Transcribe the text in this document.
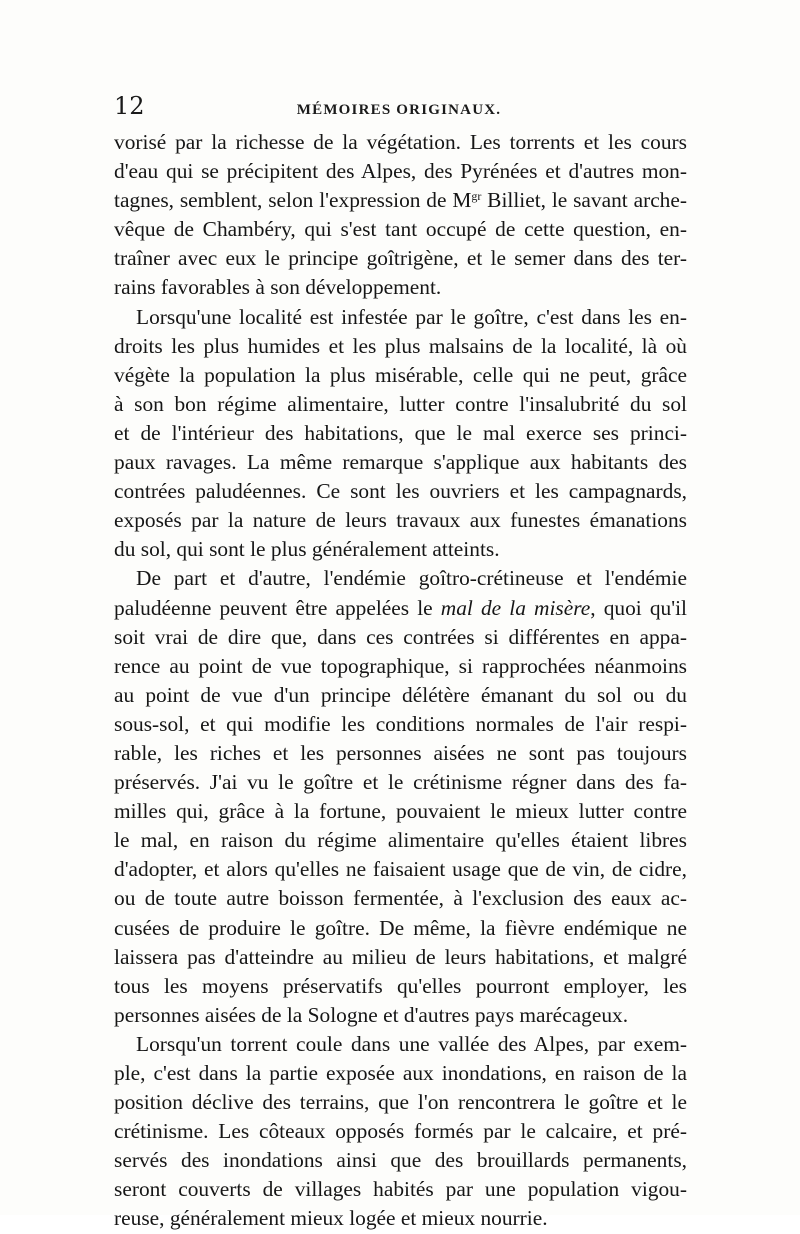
12	MÉMOIRES ORIGINAUX.
vorisé par la richesse de la végétation. Les torrents et les cours
d'eau qui se précipitent des Alpes, des Pyrénées et d'autres mon-
tagnes, semblent, selon l'expression de $M^{gr}$ Billiet, le savant arche-
vêque de Chambéry, qui s'est tant occupé de cette question, en-
traîner avec eux le principe goîtrigène, et le semer dans des ter-
rains favorables à son développement.
Lorsqu'une localité est infestée par le goître, c'est dans les en-
droits les plus humides et les plus malsains de la localité, là où
végète la population la plus misérable, celle qui ne peut, grâce
à son bon régime alimentaire, lutter contre l'insalubrité du sol
et de l'intérieur des habitations, que le mal exerce ses princi-
paux ravages. La même remarque s'applique aux habitants des
contrées paludéennes. Ce sont les ouvriers et les campagnards,
exposés par la nature de leurs travaux aux funestes émanations
du sol, qui sont le plus généralement atteints.
De part et d'autre, l'endémie goîtro-crétineuse et l'endémie
paludéenne peuvent être appelées le mal de la misère, quoi qu'il
soit vrai de dire que, dans ces contrées si différentes en appa-
rence au point de vue topographique, si rapprochées néanmoins
au point de vue d'un principe délétère émanant du sol ou du
sous-sol, et qui modifie les conditions normales de l'air respi-
rable, les riches et les personnes aisées ne sont pas toujours
préservés. J'ai vu le goître et le crétinisme régner dans des fa-
milles qui, grâce à la fortune, pouvaient le mieux lutter contre
le mal, en raison du régime alimentaire qu'elles étaient libres
d'adopter, et alors qu'elles ne faisaient usage que de vin, de cidre,
ou de toute autre boisson fermentée, à l'exclusion des eaux ac-
cusées de produire le goître. De même, la fièvre endémique ne
laissera pas d'atteindre au milieu de leurs habitations, et malgré
tous les moyens préservatifs qu'elles pourront employer, les
personnes aisées de la Sologne et d'autres pays marécageux.
Lorsqu'un torrent coule dans une vallée des Alpes, par exem-
ple, c'est dans la partie exposée aux inondations, en raison de la
position déclive des terrains, que l'on rencontrera le goître et le
crétinisme. Les côteaux opposés formés par le calcaire, et pré-
servés des inondations ainsi que des brouillards permanents,
seront couverts de villages habités par une population vigou-
reuse, généralement mieux logée et mieux nourrie.
